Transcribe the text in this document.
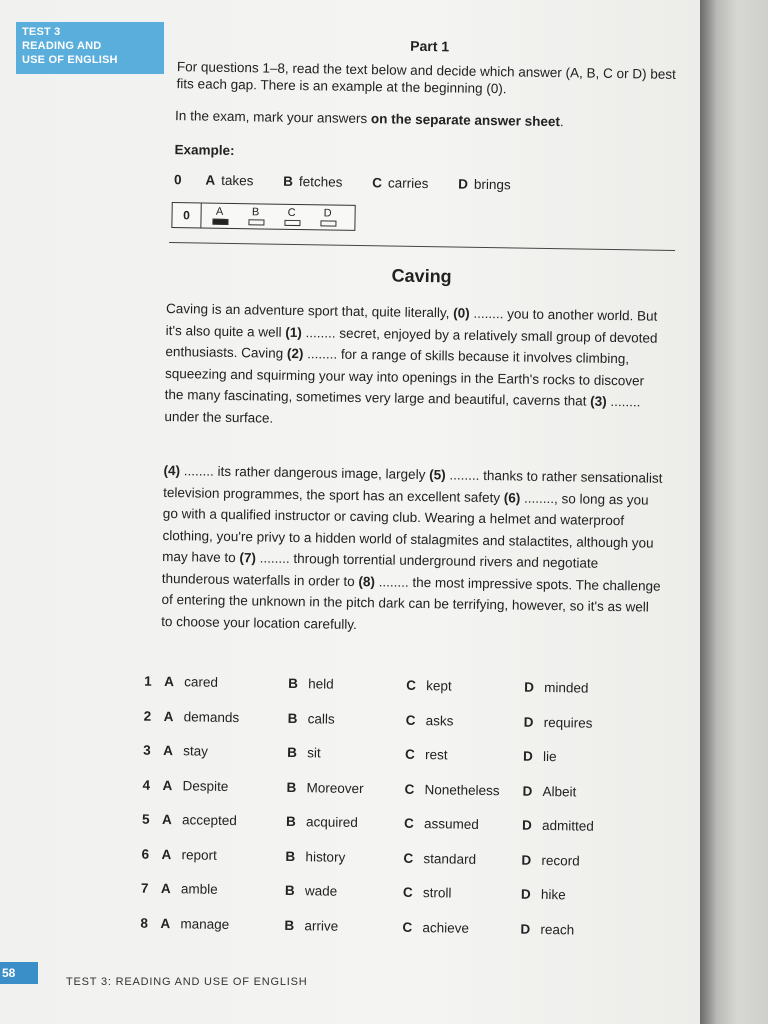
TEST 3
READING AND
USE OF ENGLISH
Part 1
For questions 1–8, read the text below and decide which answer (A, B, C or D) best fits each gap. There is an example at the beginning (0).
In the exam, mark your answers on the separate answer sheet.
Example:
0 A takes B fetches C carries D brings
0	A	B	C	D
Caving
Caving is an adventure sport that, quite literally, (0) ........ you to another world. But it's also quite a well (1) ........ secret, enjoyed by a relatively small group of devoted enthusiasts. Caving (2) ........ for a range of skills because it involves climbing, squeezing and squirming your way into openings in the Earth's rocks to discover the many fascinating, sometimes very large and beautiful, caverns that (3) ........ under the surface.
(4) ........ its rather dangerous image, largely (5) ........ thanks to rather sensationalist television programmes, the sport has an excellent safety (6) ........, so long as you go with a qualified instructor or caving club. Wearing a helmet and waterproof clothing, you're privy to a hidden world of stalagmites and stalactites, although you may have to (7) ........ through torrential underground rivers and negotiate thunderous waterfalls in order to (8) ........ the most impressive spots. The challenge of entering the unknown in the pitch dark can be terrifying, however, so it's as well to choose your location carefully.
1 A cared	B held	C kept	D minded
2 A demands	B calls	C asks	D requires
3 A stay	B sit	C rest	D lie
4 A Despite	B Moreover	C Nonetheless D Albeit
5 A accepted	B acquired	C assumed	D admitted
6 A report	B history	C standard	D record
7 A amble	B wade	C stroll	D hike
8 A manage	B arrive	C achieve	D reach
58
TEST 3: READING AND USE OF ENGLISH
